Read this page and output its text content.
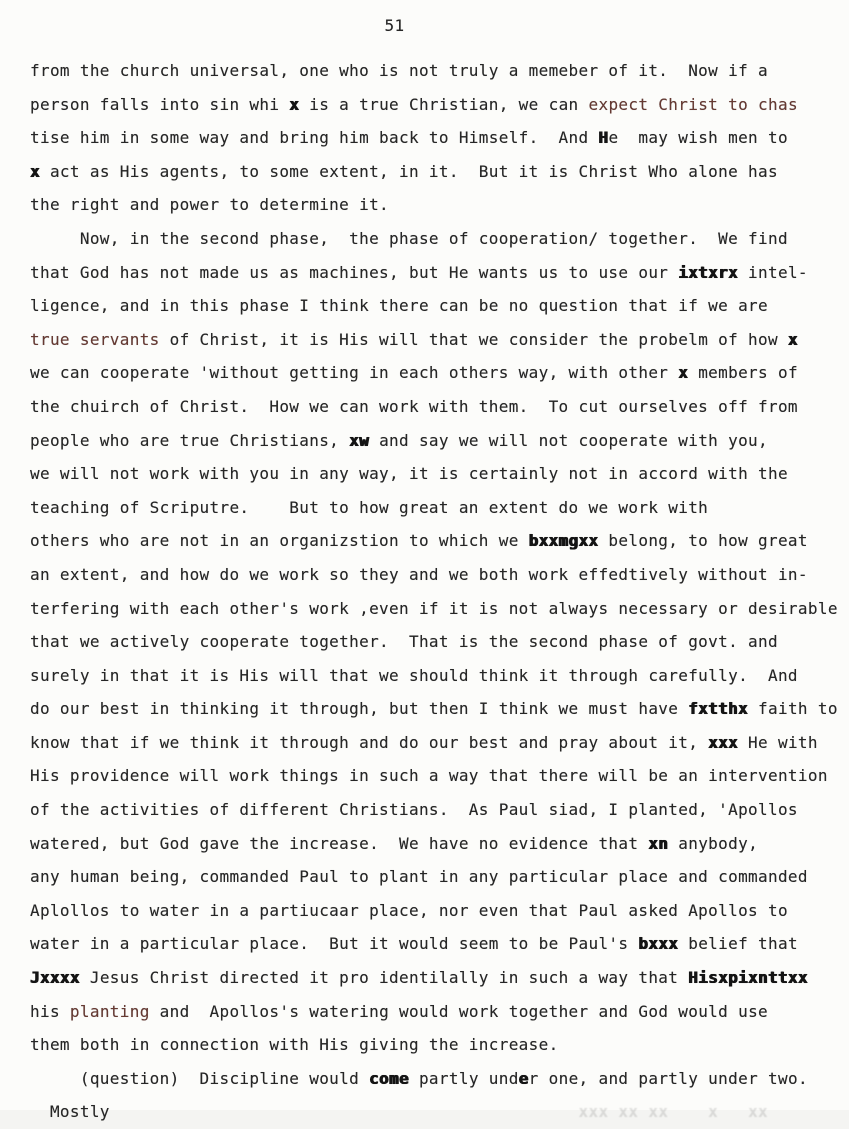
51
from the church universal, one who is not truly a memeber of it.  Now if a
person falls into sin whi x is a true Christian, we can expect Christ to chas
tise him in some way and bring him back to Himself.  And He  may wish men to
x act as His agents, to some extent, in it.  But it is Christ Who alone has
the right and power to determine it.
Now, in the second phase,  the phase of cooperation/ together.  We find
that God has not made us as machines, but He wants us to use our ixtxrx intel-
ligence, and in this phase I think there can be no question that if we are
true servants of Christ, it is His will that we consider the probelm of how x
we can cooperate 'without getting in each others way, with other x members of
the chuirch of Christ.  How we can work with them.  To cut ourselves off from
people who are true Christians, xw and say we will not cooperate with you,
we will not work with you in any way, it is certainly not in accord with the
teaching of Scriputre.    But to how great an extent do we work with
others who are not in an organizstion to which we bxxmgxx belong, to how great
an extent, and how do we work so they and we both work effedtively without in-
terfering with each other's work ,even if it is not always necessary or desirable
that we actively cooperate together.  That is the second phase of govt. and
surely in that it is His will that we should think it through carefully.  And
do our best in thinking it through, but then I think we must have fxtthx faith to
know that if we think it through and do our best and pray about it, xxx He with
His providence will work things in such a way that there will be an intervention
of the activities of different Christians.  As Paul siad, I planted, 'Apollos
watered, but God gave the increase.  We have no evidence that xn anybody,
any human being, commanded Paul to plant in any particular place and commanded
Aplollos to water in a partiucaar place, nor even that Paul asked Apollos to
water in a particular place.  But it would seem to be Paul's bxxx belief that
Jxxxx Jesus Christ directed it pro identilally in such a way that Hisxpixnttxx
his planting and  Apollos's watering would work together and God would use
them both in connection with His giving the increase.
(question)  Discipline would come partly under one, and partly under two.
Mostly	xxx xx xx    x   xx
